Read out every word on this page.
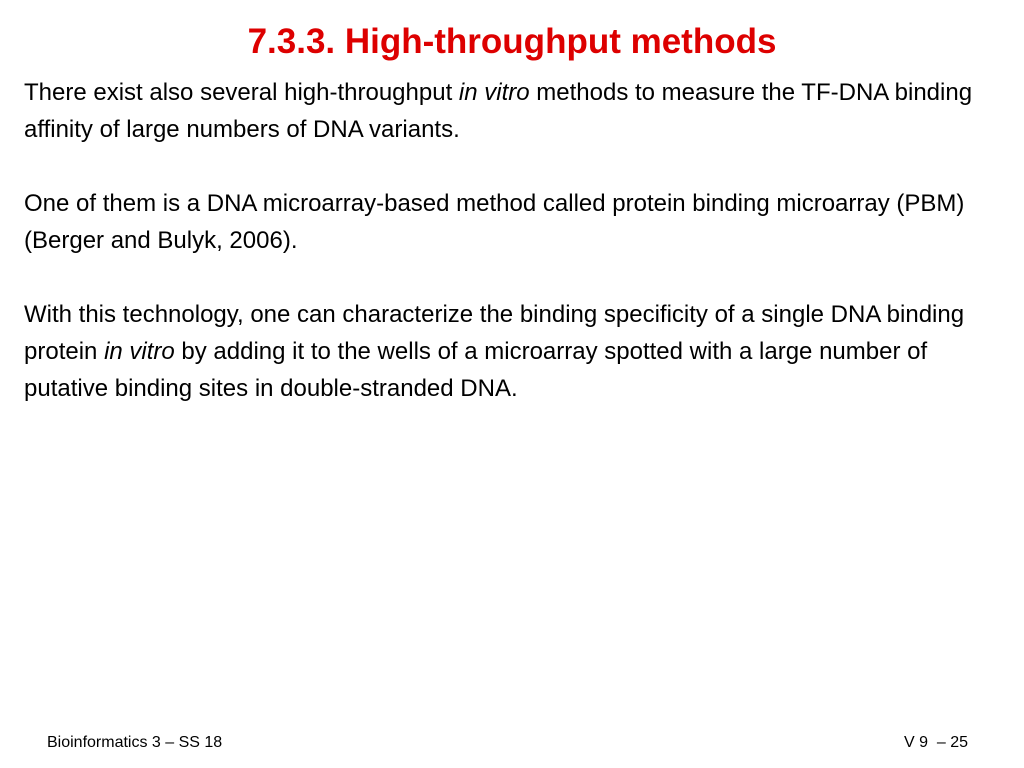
7.3.3. High-throughput methods

There exist also several high-throughput in vitro methods to measure the TF-DNA binding affinity of large numbers of DNA variants.

One of them is a DNA microarray-based method called protein binding microarray (PBM) (Berger and Bulyk, 2006).

With this technology, one can characterize the binding specificity of a single DNA binding protein in vitro by adding it to the wells of a microarray spotted with a large number of putative binding sites in double-stranded DNA.

Bioinformatics 3 – SS 18	V 9  – 25
